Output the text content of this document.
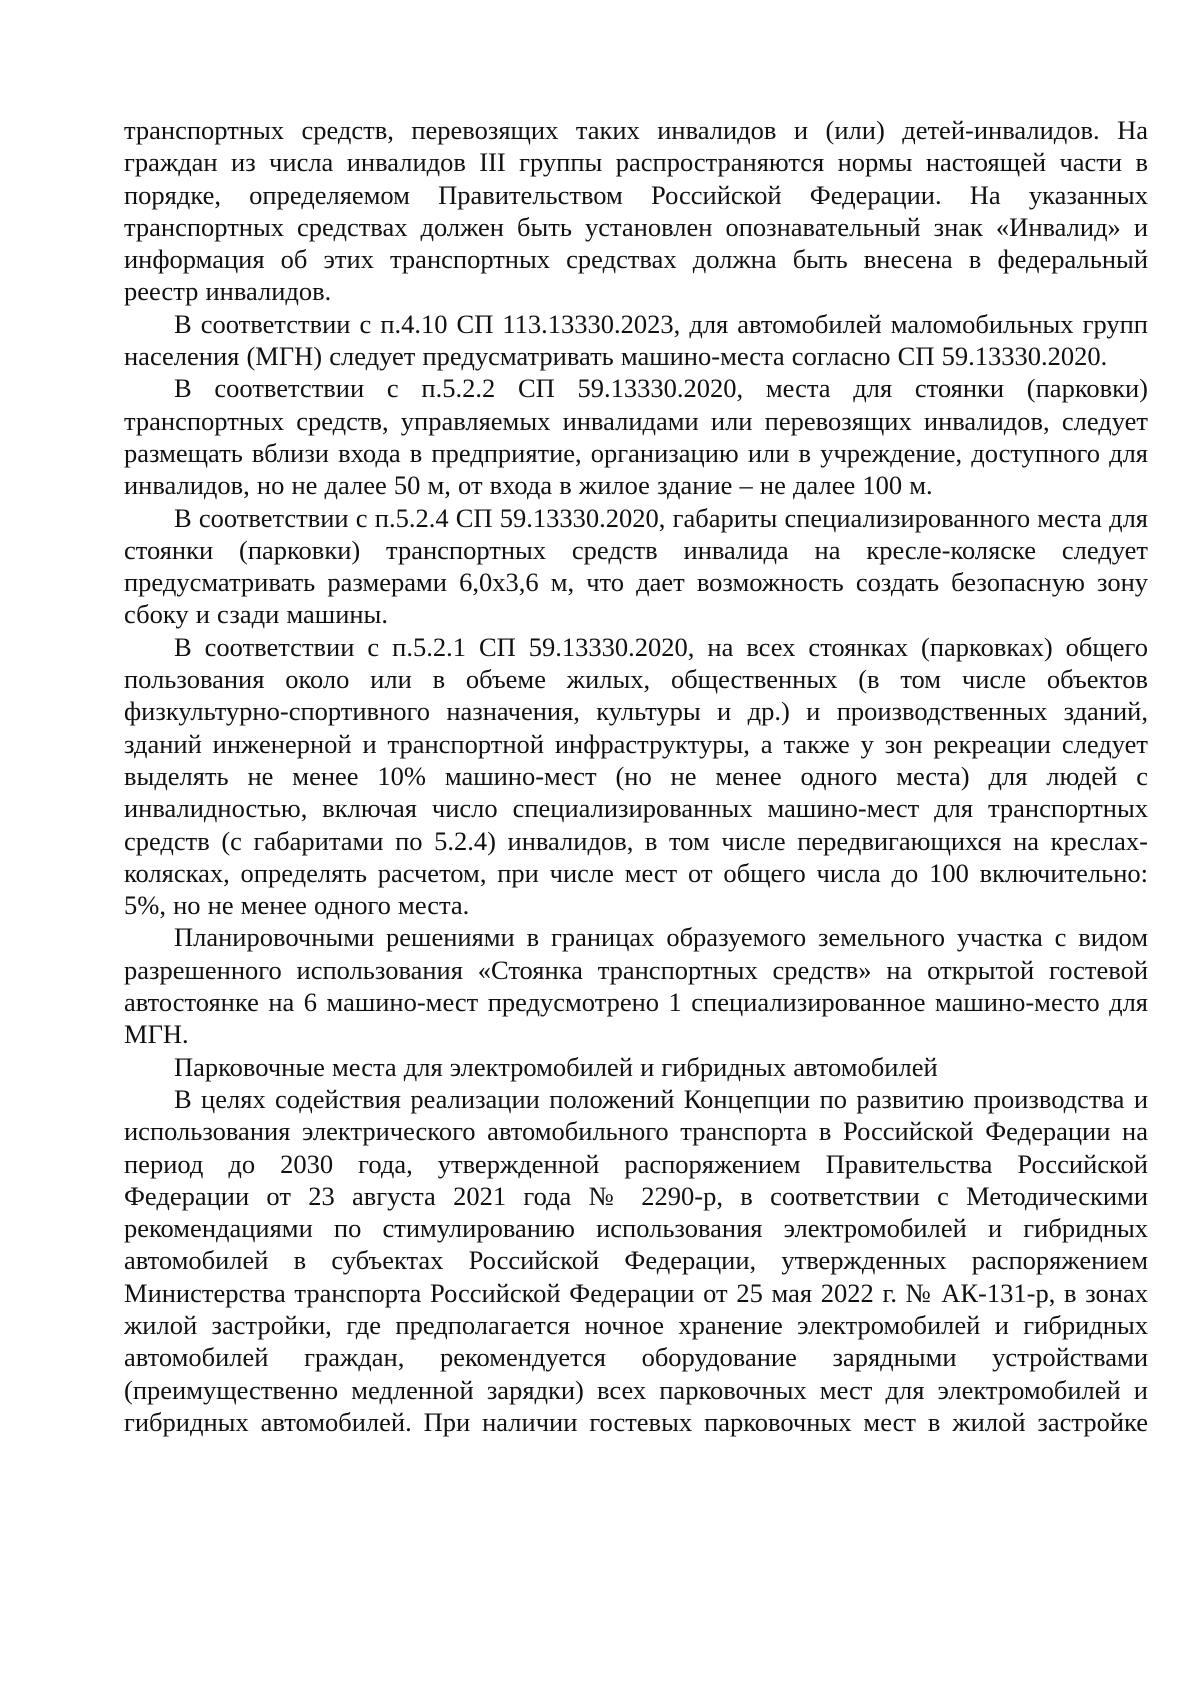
транспортных средств, перевозящих таких инвалидов и (или) детей-инвалидов. На граждан из числа инвалидов III группы распространяются нормы настоящей части в порядке, определяемом Правительством Российской Федерации. На указанных транспортных средствах должен быть установлен опознавательный знак «Инвалид» и информация об этих транспортных средствах должна быть внесена в федеральный реестр инвалидов.

В соответствии с п.4.10 СП 113.13330.2023, для автомобилей маломобильных групп населения (МГН) следует предусматривать машино-места согласно СП 59.13330.2020.

В соответствии с п.5.2.2 СП 59.13330.2020, места для стоянки (парковки) транспортных средств, управляемых инвалидами или перевозящих инвалидов, следует размещать вблизи входа в предприятие, организацию или в учреждение, доступного для инвалидов, но не далее 50 м, от входа в жилое здание – не далее 100 м.

В соответствии с п.5.2.4 СП 59.13330.2020, габариты специализированного места для стоянки (парковки) транспортных средств инвалида на кресле-коляске следует предусматривать размерами 6,0х3,6 м, что дает возможность создать безопасную зону сбоку и сзади машины.

В соответствии с п.5.2.1 СП 59.13330.2020, на всех стоянках (парковках) общего пользования около или в объеме жилых, общественных (в том числе объектов физкультурно-спортивного назначения, культуры и др.) и производственных зданий, зданий инженерной и транспортной инфраструктуры, а также у зон рекреации следует выделять не менее 10% машино-мест (но не менее одного места) для людей с инвалидностью, включая число специализированных машино-мест для транспортных средств (с габаритами по 5.2.4) инвалидов, в том числе передвигающихся на креслах-колясках, определять расчетом, при числе мест от общего числа до 100 включительно: 5%, но не менее одного места.

Планировочными решениями в границах образуемого земельного участка с видом разрешенного использования «Стоянка транспортных средств» на открытой гостевой автостоянке на 6 машино-мест предусмотрено 1 специализированное машино-место для МГН.

Парковочные места для электромобилей и гибридных автомобилей

В целях содействия реализации положений Концепции по развитию производства и использования электрического автомобильного транспорта в Российской Федерации на период до 2030 года, утвержденной распоряжением Правительства Российской Федерации от 23 августа 2021 года № 2290-р, в соответствии с Методическими рекомендациями по стимулированию использования электромобилей и гибридных автомобилей в субъектах Российской Федерации, утвержденных распоряжением Министерства транспорта Российской Федерации от 25 мая 2022 г. № АК-131-р, в зонах жилой застройки, где предполагается ночное хранение электромобилей и гибридных автомобилей граждан, рекомендуется оборудование зарядными устройствами (преимущественно медленной зарядки) всех парковочных мест для электромобилей и гибридных автомобилей. При наличии гостевых парковочных мест в жилой застройке
